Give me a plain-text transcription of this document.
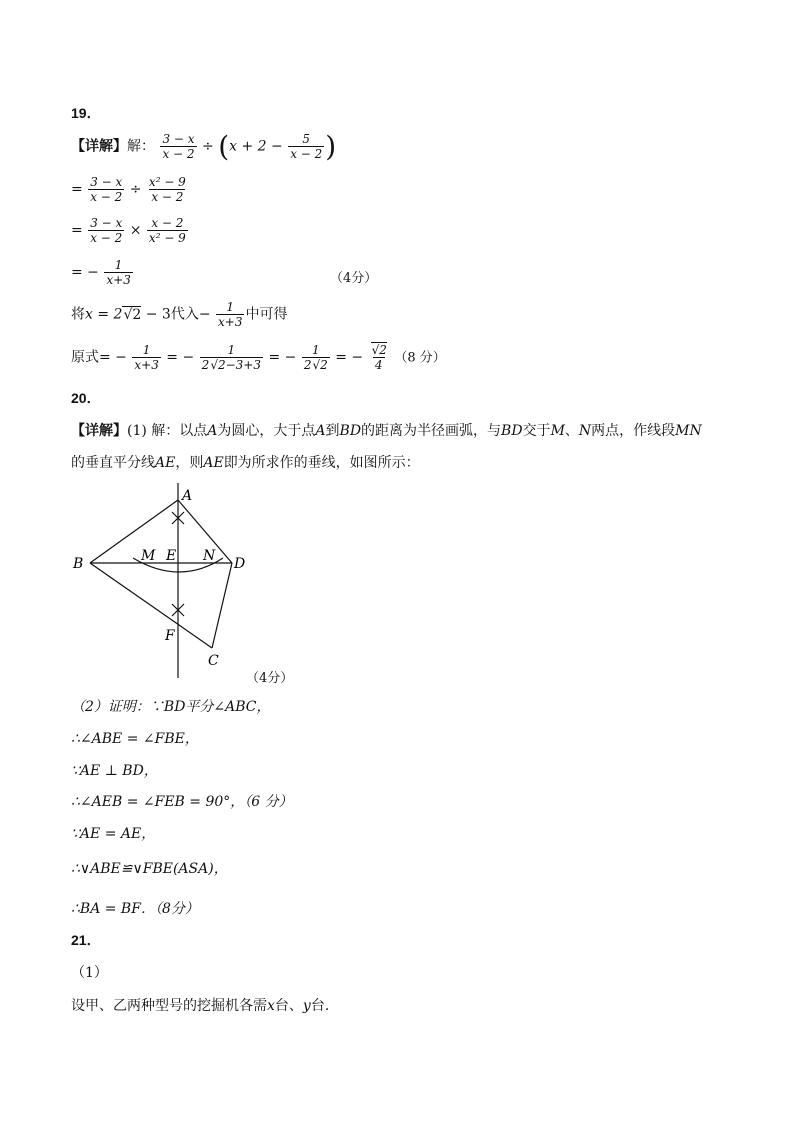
19．
【详解】解： $\frac{3 - x}{x - 2} \div (x + 2 - \frac{5}{x - 2}$ )
= $\frac{3 - x}{x - 2} \div \frac{\text{x² − 9}}{x - 2}$
= $\frac{3 - x}{x - 2} \times \frac{x - 2}{\text{x² − 9}}$
= − $\frac{1}{x+3}$	（4分）
将x = 2√2 − 3代入− $\frac{1}{x+3}$ 中可得
原式= − $\frac{1}{x+3}$ = − $\frac{1}{2√2-3+3}$ = − $\frac{1}{2√2}$ = − $\frac{√2}{4} (8$ 分）
20．
【详解】(1) 解：以点A为圆心，大于点A到BD的距离为半径画弧，与BD交于M、N两点，作线段MN
的垂直平分线AE，则AE即为所求作的垂线，如图所示：
A
B	D
M E N
F
C
（4分）
（2）证明：∵BD平分∠ABC，
∴∠ABE = ∠FBE，
∵AE ⊥ BD，
∴∠AEB = ∠FEB = 90°，（6 分）
∵AE = AE，
∴∨ABE≌∨FBE(ASA)，
∴BA = BF．（8分）
21．
（1）
设甲、乙两种型号的挖掘机各需x台、y台．
